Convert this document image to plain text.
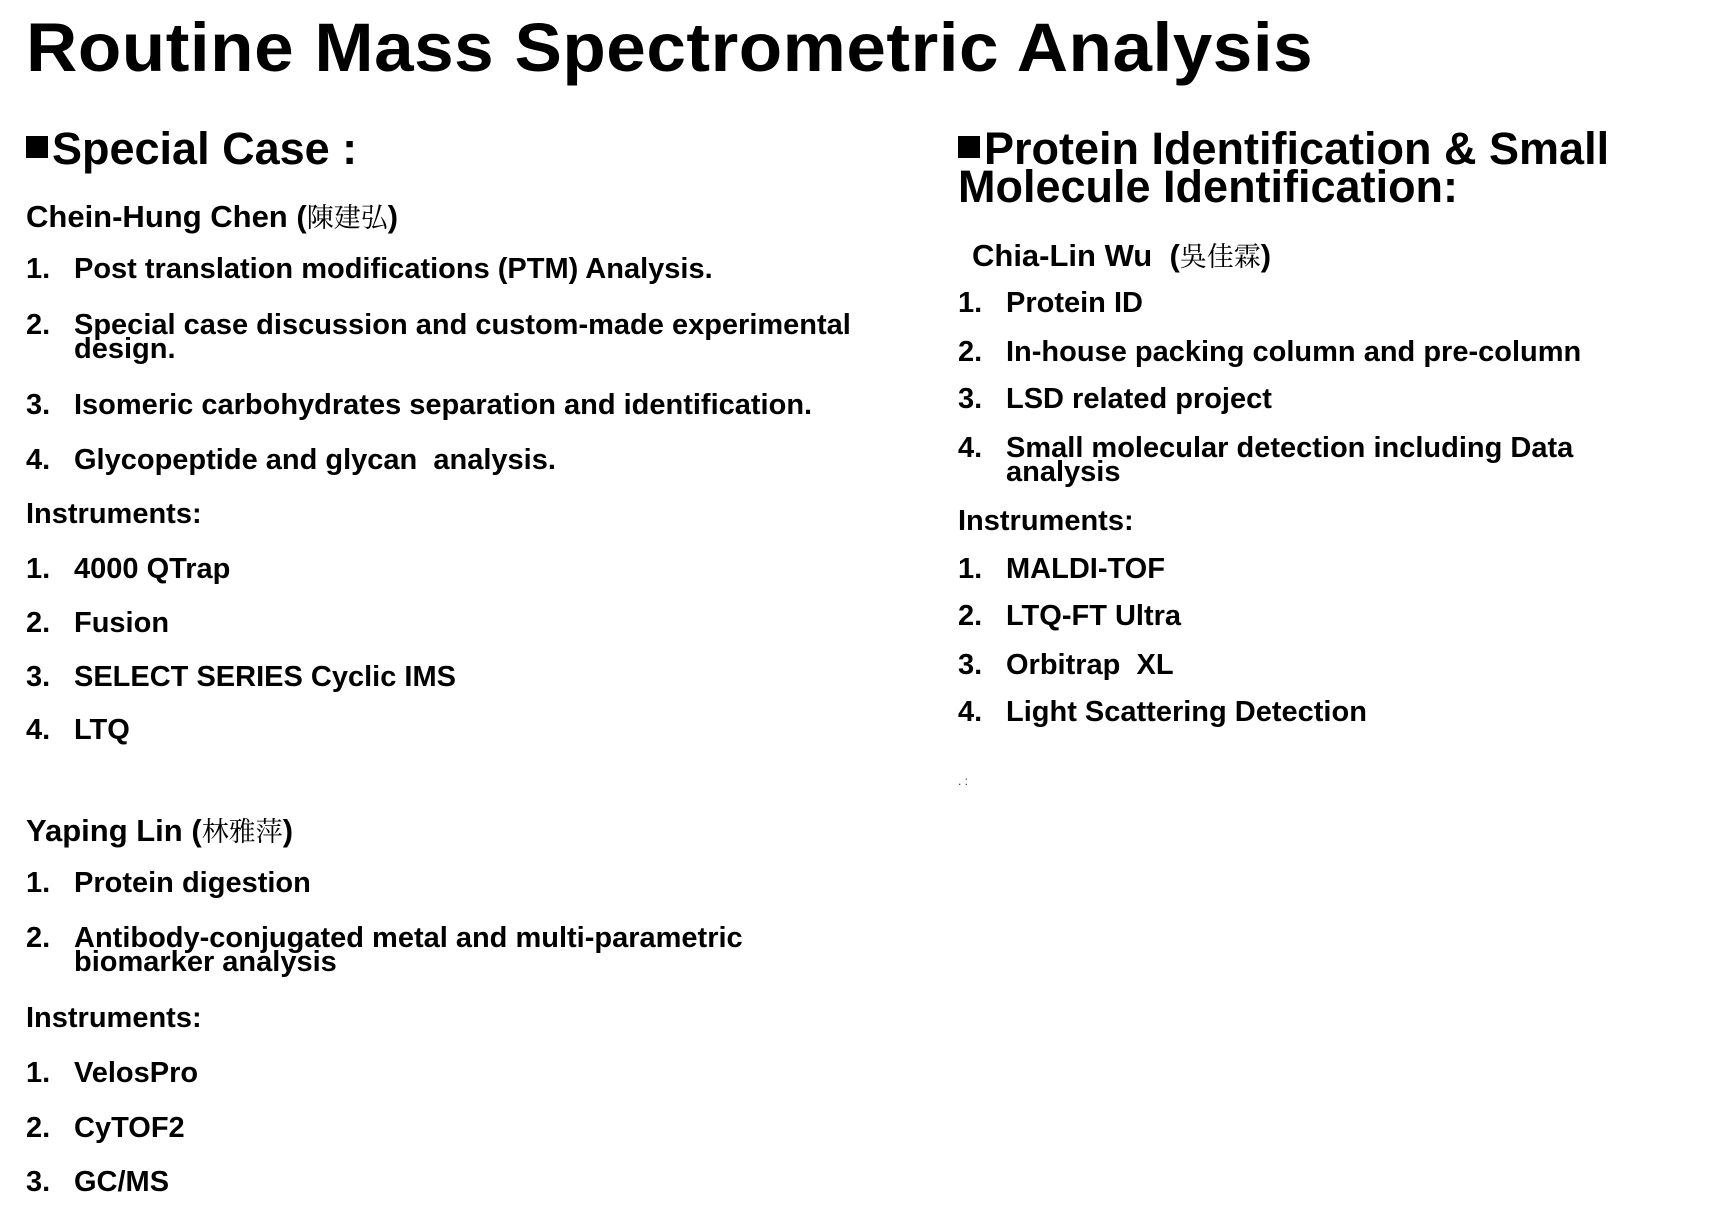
Routine Mass Spectrometric Analysis
Special Case :
Chein-Hung Chen (陳建弘)
1. Post translation modifications (PTM) Analysis.
2. Special case discussion and custom-made experimental
design.
3. Isomeric carbohydrates separation and identification.
4. Glycopeptide and glycan  analysis.
Instruments:
1. 4000 QTrap
2. Fusion
3. SELECT SERIES Cyclic IMS
4. LTQ
Yaping Lin (林雅萍)
1. Protein digestion
2. Antibody-conjugated metal and multi-parametric
biomarker analysis
Instruments:
1. VelosPro
2. CyTOF2
3. GC/MS
Protein Identification & Small
Molecule Identification:
Chia-Lin Wu (吳佳霖)
1. Protein ID
2. In-house packing column and pre-column
3. LSD related project
4. Small molecular detection including Data
analysis
Instruments:
1. MALDI-TOF
2. LTQ-FT Ultra
3. Orbitrap  XL
4. Light Scattering Detection
. :
